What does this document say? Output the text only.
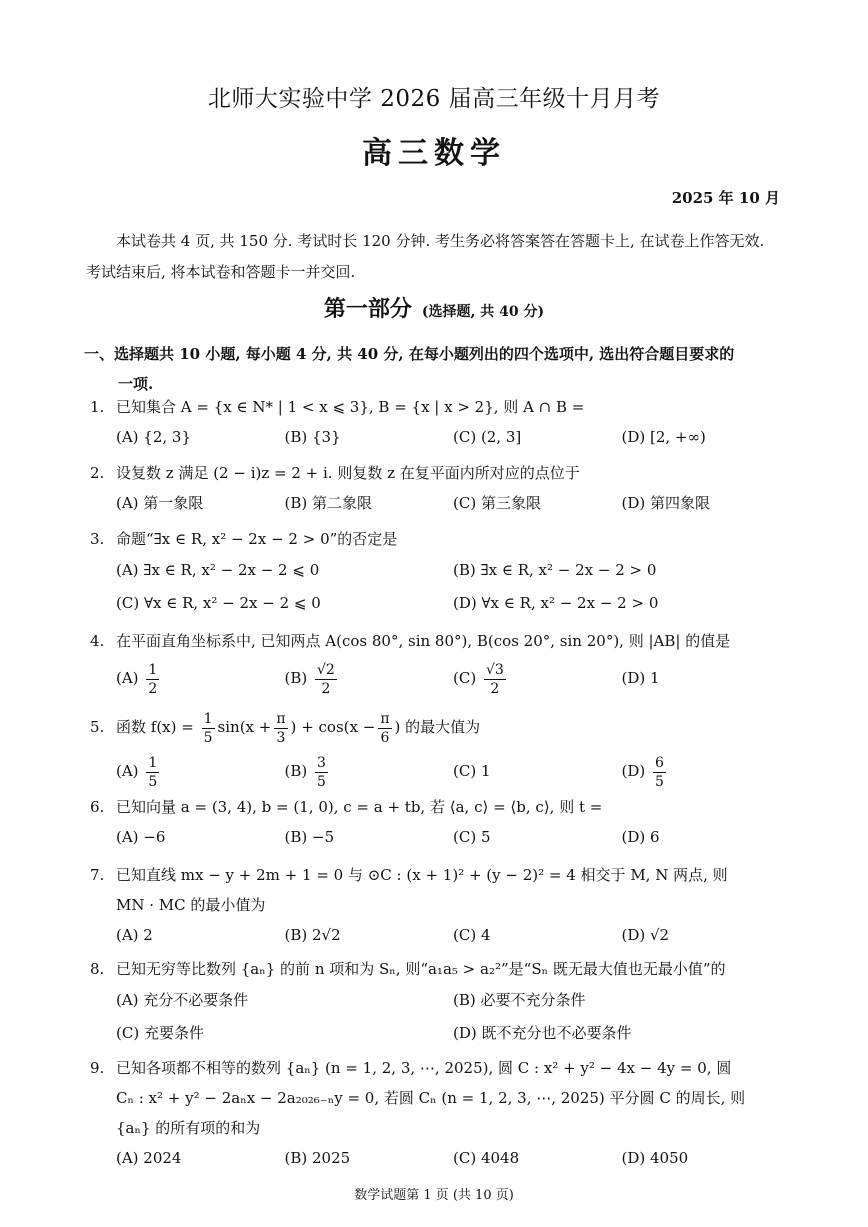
北师大实验中学 2026 届高三年级十月月考
高三数学
2025 年 10 月
本试卷共 4 页, 共 150 分. 考试时长 120 分钟. 考生务必将答案答在答题卡上, 在试卷上作答无效. 考试结束后, 将本试卷和答题卡一并交回.
第一部分 (选择题, 共 40 分)
一、选择题共 10 小题, 每小题 4 分, 共 40 分, 在每小题列出的四个选项中, 选出符合题目要求的
一项.
1. 已知集合 A = {x ∈ N* | 1 < x ⩽ 3}, B = {x | x > 2}, 则 A ∩ B =
(A) {2, 3}	(B) {3}	(C) (2, 3]	(D) [2, +∞)
2. 设复数 z 满足 (2 − i)z = 2 + i. 则复数 z 在复平面内所对应的点位于
(A) 第一象限	(B) 第二象限	(C) 第三象限	(D) 第四象限
3. 命题“∃x ∈ R, x² − 2x − 2 > 0”的否定是
(A) ∃x ∈ R, x² − 2x − 2 ⩽ 0	(B) ∃x ∈ R, x² − 2x − 2 > 0
(C) ∀x ∈ R, x² − 2x − 2 ⩽ 0	(D) ∀x ∈ R, x² − 2x − 2 > 0
4. 在平面直角坐标系中, 已知两点 A(cos 80°, sin 80°), B(cos 20°, sin 20°), 则 |AB| 的值是
$(A) \frac{1}{2}$	$(B) \frac{√2}{2}$	$(C) \frac{√3}{2}$	(D) 1
5. 函数 $f(x) = \frac{1}{5} \sin(x + \frac{\pi}{3}$ ) + $\cos(x - \frac{\pi}{6}$ ) 的最大值为
$(A) \frac{1}{5}$	$(B) \frac{3}{5}$	(C) 1	$(D) \frac{6}{5}$
6. 已知向量 a = (3, 4), b = (1, 0), c = a + tb, 若 ⟨a, c⟩ = ⟨b, c⟩, 则 t =
(A) −6	(B) −5	(C) 5	(D) 6
7. 已知直线 mx − y + 2m + 1 = 0 与 ⊙C : (x + 1)² + (y − 2)² = 4 相交于 M, N 两点, 则
MN · MC 的最小值为
(A) 2	(B) 2√2	(C) 4	(D) √2
8. 已知无穷等比数列 {aₙ} 的前 n 项和为 Sₙ, 则“a₁a₅ > a₂²”是“Sₙ 既无最大值也无最小值”的
(A) 充分不必要条件	(B) 必要不充分条件
(C) 充要条件	(D) 既不充分也不必要条件
9. 已知各项都不相等的数列 {aₙ} (n = 1, 2, 3, ⋯, 2025), 圆 C : x² + y² − 4x − 4y = 0, 圆
Cₙ : x² + y² − 2aₙx − 2a₂₀₂₆₋ₙy = 0, 若圆 Cₙ (n = 1, 2, 3, ⋯, 2025) 平分圆 C 的周长, 则
{aₙ} 的所有项的和为
(A) 2024	(B) 2025	(C) 4048	(D) 4050
数学试题第 1 页 (共 10 页)
